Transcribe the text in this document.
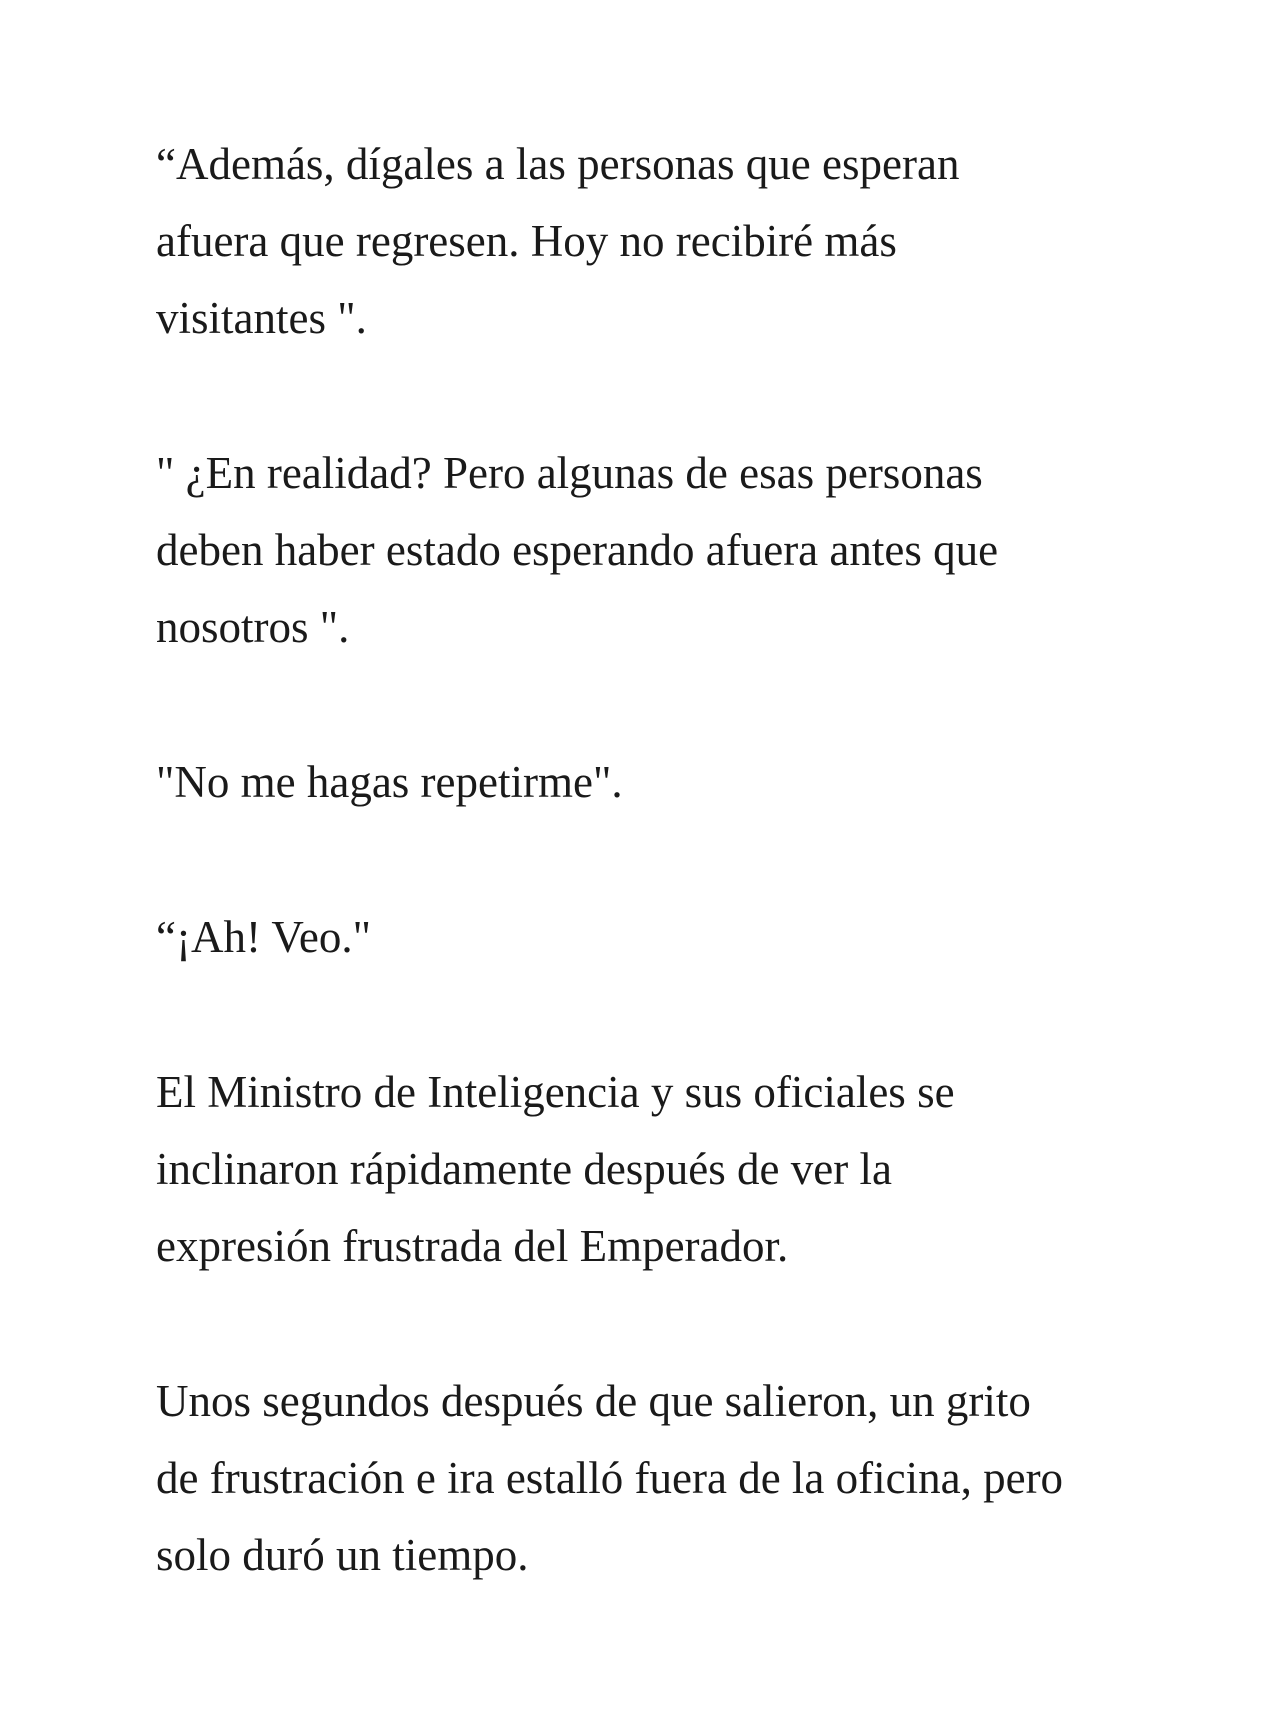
“Además, dígales a las personas que esperan
afuera que regresen. Hoy no recibiré más
visitantes ".

" ¿En realidad? Pero algunas de esas personas
deben haber estado esperando afuera antes que
nosotros ".

"No me hagas repetirme".

“¡Ah! Veo."

El Ministro de Inteligencia y sus oficiales se
inclinaron rápidamente después de ver la
expresión frustrada del Emperador.

Unos segundos después de que salieron, un grito
de frustración e ira estalló fuera de la oficina, pero
solo duró un tiempo.
